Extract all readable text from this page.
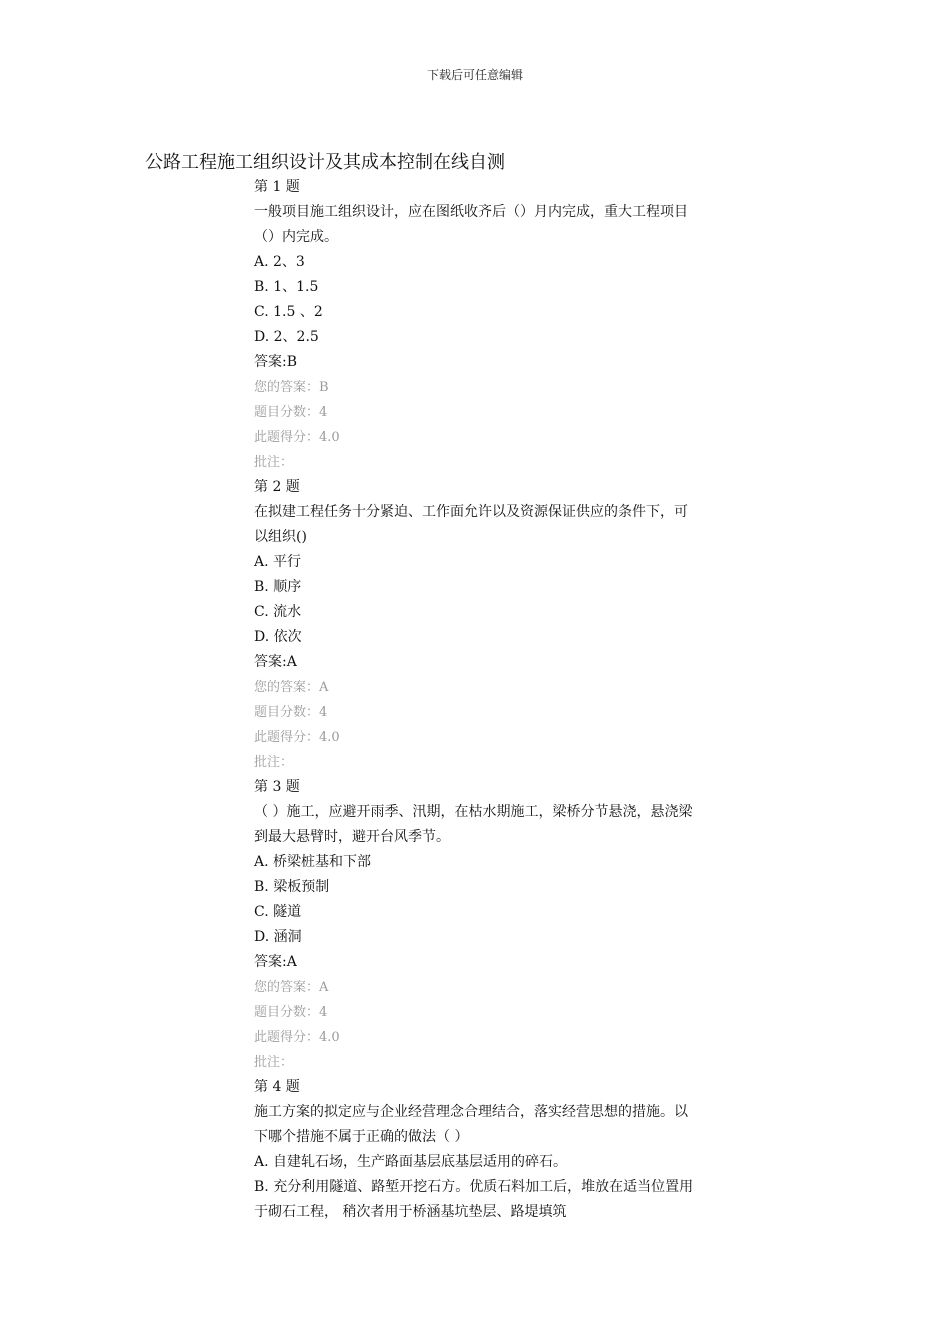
下载后可任意编辑
公路工程施工组织设计及其成本控制在线自测
第 1 题
一般项目施工组织设计，应在图纸收齐后（）月内完成，重大工程项目（）内完成。
A. 2、3
B. 1、1.5
C. 1.5 、2
D. 2、2.5
答案:B
您的答案：B
题目分数：4
此题得分：4.0
批注：
第 2 题
在拟建工程任务十分紧迫、工作面允许以及资源保证供应的条件下，可以组织()
A. 平行
B. 顺序
C. 流水
D. 依次
答案:A
您的答案：A
题目分数：4
此题得分：4.0
批注：
第 3 题
（ ）施工，应避开雨季、汛期，在枯水期施工，梁桥分节悬浇，悬浇梁到最大悬臂时，避开台风季节。
A. 桥梁桩基和下部
B. 梁板预制
C. 隧道
D. 涵洞
答案:A
您的答案：A
题目分数：4
此题得分：4.0
批注：
第 4 题
施工方案的拟定应与企业经营理念合理结合，落实经营思想的措施。以下哪个措施不属于正确的做法（ ）
A. 自建轧石场，生产路面基层底基层适用的碎石。
B. 充分利用隧道、路堑开挖石方。优质石料加工后，堆放在适当位置用于砌石工程， 稍次者用于桥涵基坑垫层、路堤填筑
